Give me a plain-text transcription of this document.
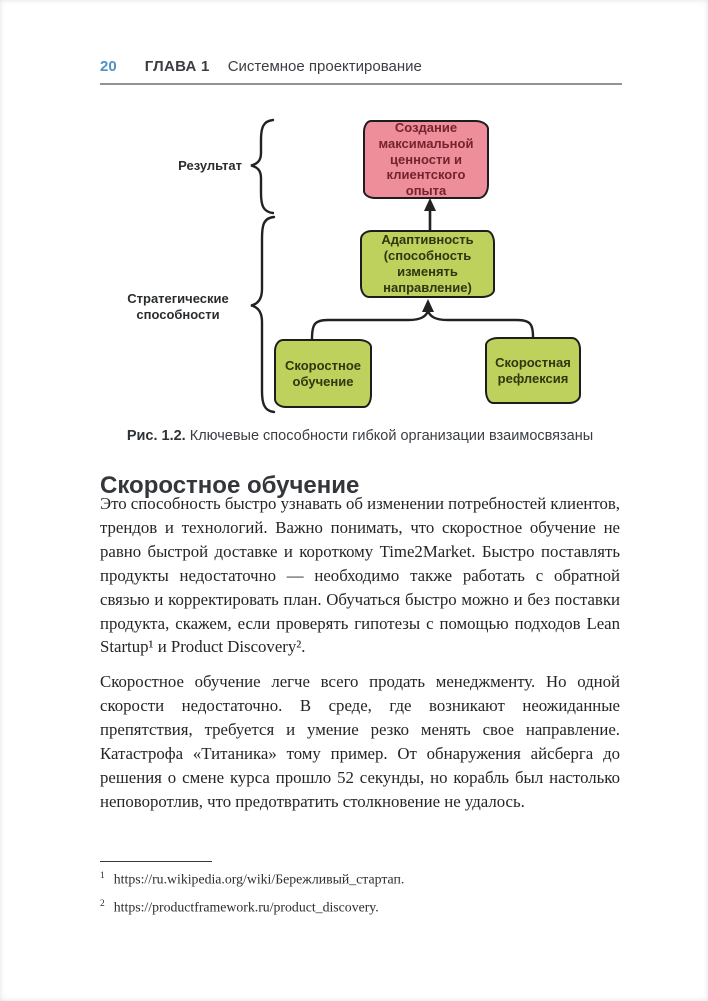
20 ГЛАВА 1 Системное проектирование
Результат
Стратегические способности
Создание максимальной ценности и клиентского опыта
Адаптивность (способность изменять направление)
Скоростное обучение
Скоростная рефлексия
Рис. 1.2. Ключевые способности гибкой организации взаимосвязаны
Скоростное обучение

Это способность быстро узнавать об изменении потребностей клиентов, трендов и технологий. Важно понимать, что скоростное обучение не равно быстрой доставке и короткому Time2Market. Быстро поставлять продукты недостаточно — необходимо также работать с обратной связью и корректировать план. Обучаться быстро можно и без поставки продукта, скажем, если проверять гипотезы с помощью подходов Lean Startup¹ и Product Discovery².

Скоростное обучение легче всего продать менеджменту. Но одной скорости недостаточно. В среде, где возникают неожиданные препятствия, требуется и умение резко менять свое направление. Катастрофа «Титаника» тому пример. От обнаружения айсберга до решения о смене курса прошло 52 секунды, но корабль был настолько неповоротлив, что предотвратить столкновение не удалось.

$^1$ https://ru.wikipedia.org/wiki/Бережливый_стартап.

$^2$ https://productframework.ru/product_discovery.
